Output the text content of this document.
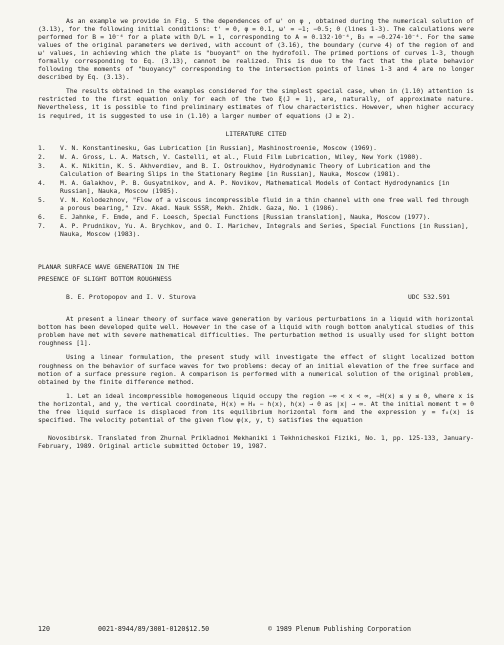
As an example we provide in Fig. 5 the dependences of ω' on φ , obtained during the numerical solution of (3.13), for the following initial conditions: t' = 0, φ = 0.1, ω' = −1; −0.5; 0 (lines 1-3). The calculations were performed for B = 10⁻⁴ for a plate with D/L = 1, corresponding to A = 0.132·10⁻⁴, B₂ = −0.274·10⁻⁴. For the same values of the original parameters we derived, with account of (3.16), the boundary (curve 4) of the region of and ω' values, in achieving which the plate is "buoyant" on the hydrofoil. The primed portions of curves 1-3, though formally corresponding to Eq. (3.13), cannot be realized. This is due to the fact that the plate behavior following the moments of "buoyancy" corresponding to the intersection points of lines 1-3 and 4 are no longer described by Eq. (3.13).

The results obtained in the examples considered for the simplest special case, when in (1.10) attention is restricted to the first equation only for each of the two ξ(J = 1), are, naturally, of approximate nature. Nevertheless, it is possible to find preliminary estimates of flow characteristics. However, when higher accuracy is required, it is suggested to use in (1.10) a larger number of equations (J ≥ 2).

LITERATURE CITED

1.	V. N. Konstantinesku, Gas Lubrication [in Russian], Mashinostroenie, Moscow (1969).
2.	W. A. Gross, L. A. Matsch, V. Castelli, et al., Fluid Film Lubrication, Wiley, New York (1980).
3.	A. K. Nikitin, K. S. Akhverdiev, and B. I. Ostroukhov, Hydrodynamic Theory of Lubrication and the Calculation of Bearing Slips in the Stationary Regime [in Russian], Nauka, Moscow (1981).
4.	M. A. Galakhov, P. B. Gusyatnikov, and A. P. Novikov, Mathematical Models of Contact Hydrodynamics [in Russian], Nauka, Moscow (1985).
5.	V. N. Kolodezhnov, "Flow of a viscous incompressible fluid in a thin channel with one free wall fed through a porous bearing," Izv. Akad. Nauk SSSR, Mekh. Zhidk. Gaza, No. 1 (1986).
6.	E. Jahnke, F. Emde, and F. Loesch, Special Functions [Russian translation], Nauka, Moscow (1977).
7.	A. P. Prudnikov, Yu. A. Brychkov, and O. I. Marichev, Integrals and Series, Special Functions [in Russian], Nauka, Moscow (1983).

PLANAR SURFACE WAVE GENERATION IN THE

PRESENCE OF SLIGHT BOTTOM ROUGHNESS

B. E. Protopopov and I. V. Sturova	UDC 532.591

At present a linear theory of surface wave generation by various perturbations in a liquid with horizontal bottom has been developed quite well. However in the case of a liquid with rough bottom analytical studies of this problem have met with severe mathematical difficulties. The perturbation method is usually used for slight bottom roughness [1].

Using a linear formulation, the present study will investigate the effect of slight localized bottom roughness on the behavior of surface waves for two problems: decay of an initial elevation of the free surface and motion of a surface pressure region. A comparison is performed with a numerical solution of the original problem, obtained by the finite difference method.

1. Let an ideal incompressible homogeneous liquid occupy the region −∞ < x < ∞, −H(x) ≤ y ≤ 0, where x is the horizontal, and y, the vertical coordinate, H(x) = H₀ − h(x), h(x) → 0 as |x| → ∞. At the initial moment t = 0 the free liquid surface is displaced from its equilibrium horizontal form and the expression y = f₀(x) is specified. The velocity potential of the given flow φ(x, y, t) satisfies the equation

Novosibirsk. Translated from Zhurnal Prikladnoi Mekhaniki i Tekhnicheskoi Fiziki, No. 1, pp. 125-133, January-February, 1989. Original article submitted October 19, 1987.

120	0021-8944/89/3001-0120$12.50	© 1989 Plenum Publishing Corporation
